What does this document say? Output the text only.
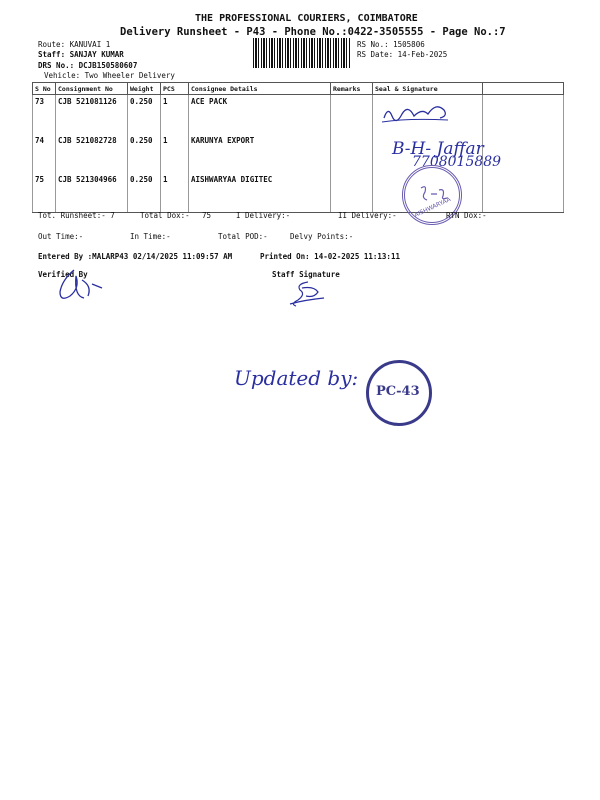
THE PROFESSIONAL COURIERS, COIMBATORE
Delivery Runsheet - P43 - Phone No.:0422-3505555 - Page No.:7
Route: KANUVAI 1
Staff: SANJAY KUMAR
DRS No.: DCJB150580607
Vehicle: Two Wheeler Delivery
RS No.: 1505806
RS Date: 14-Feb-2025
S No	Consignment No	Weight	PCS	Consignee Details	Remarks	Seal & Signature	
73	CJB 521081126	0.250	1	ACE PACK			
74	CJB 521082728	0.250	1	KARUNYA EXPORT			
75	CJB 521304966	0.250	1	AISHWARYAA DIGITEC			
B-H- Jaffar
7708015889
AISHWARYAA
Tot. Runsheet:- 7	Total Dox:- 75	I Delivery:-	II Delivery:-	RTN Dox:-
Out Time:-	In Time:-	Total POD:-	Delvy Points:-
Entered By :MALARP43 02/14/2025 11:09:57 AM	Printed On: 14-02-2025 11:13:11
Verified By	Staff Signature
Updated by:
PC-43
